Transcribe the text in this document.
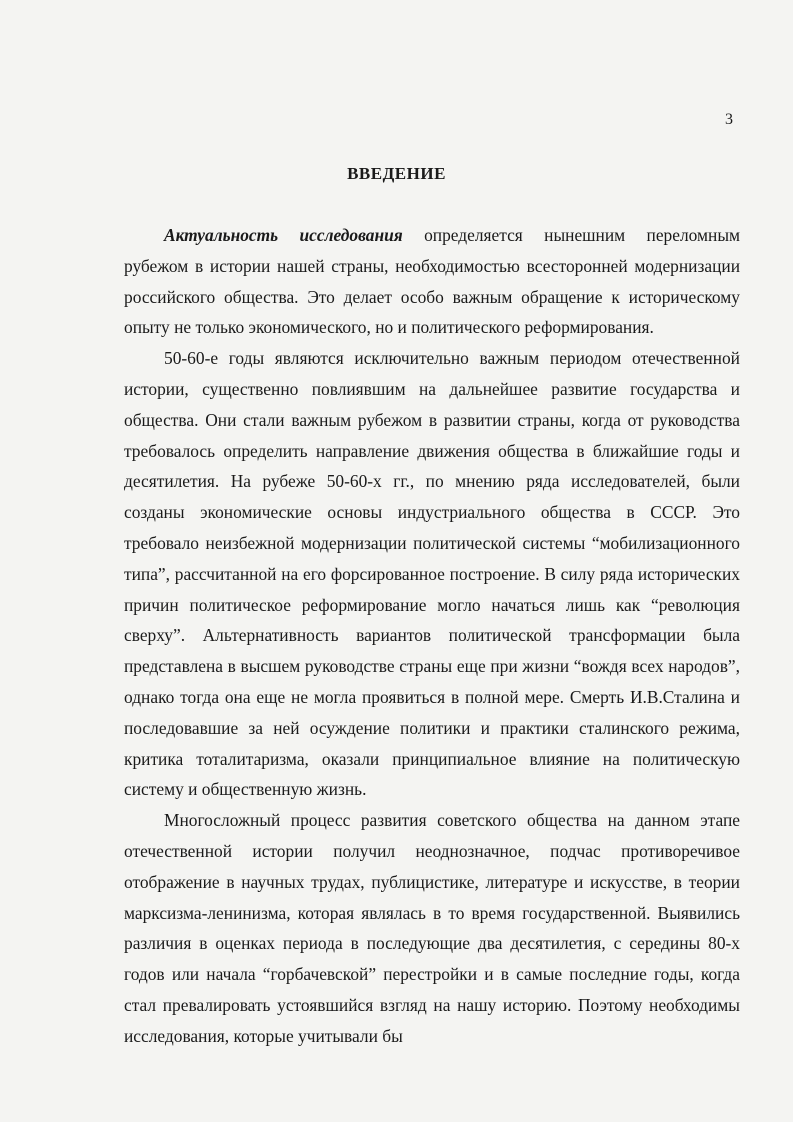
3
ВВЕДЕНИЕ

Актуальность исследования определяется нынешним переломным рубежом в истории нашей страны, необходимостью всесторонней модернизации российского общества. Это делает особо важным обращение к историческому опыту не только экономического, но и политического реформирования.

50-60-е годы являются исключительно важным периодом отечественной истории, существенно повлиявшим на дальнейшее развитие государства и общества. Они стали важным рубежом в развитии страны, когда от руководства требовалось определить направление движения общества в ближайшие годы и десятилетия. На рубеже 50-60-х гг., по мнению ряда исследователей, были созданы экономические основы индустриального общества в СССР. Это требовало неизбежной модернизации политической системы “мобилизационного типа”, рассчитанной на его форсированное построение. В силу ряда исторических причин политическое реформирование могло начаться лишь как “революция сверху”. Альтернативность вариантов политической трансформации была представлена в высшем руководстве страны еще при жизни “вождя всех народов”, однако тогда она еще не могла проявиться в полной мере. Смерть И.В.Сталина и последовавшие за ней осуждение политики и практики сталинского режима, критика тоталитаризма, оказали принципиальное влияние на политическую систему и общественную жизнь.

Многосложный процесс развития советского общества на данном этапе отечественной истории получил неоднозначное, подчас противоречивое отображение в научных трудах, публицистике, литературе и искусстве, в теории марксизма-ленинизма, которая являлась в то время государственной. Выявились различия в оценках периода в последующие два десятилетия, с середины 80-х годов или начала “горбачевской” перестройки и в самые последние годы, когда стал превалировать устоявшийся взгляд на нашу историю. Поэтому необходимы исследования, которые учитывали бы
